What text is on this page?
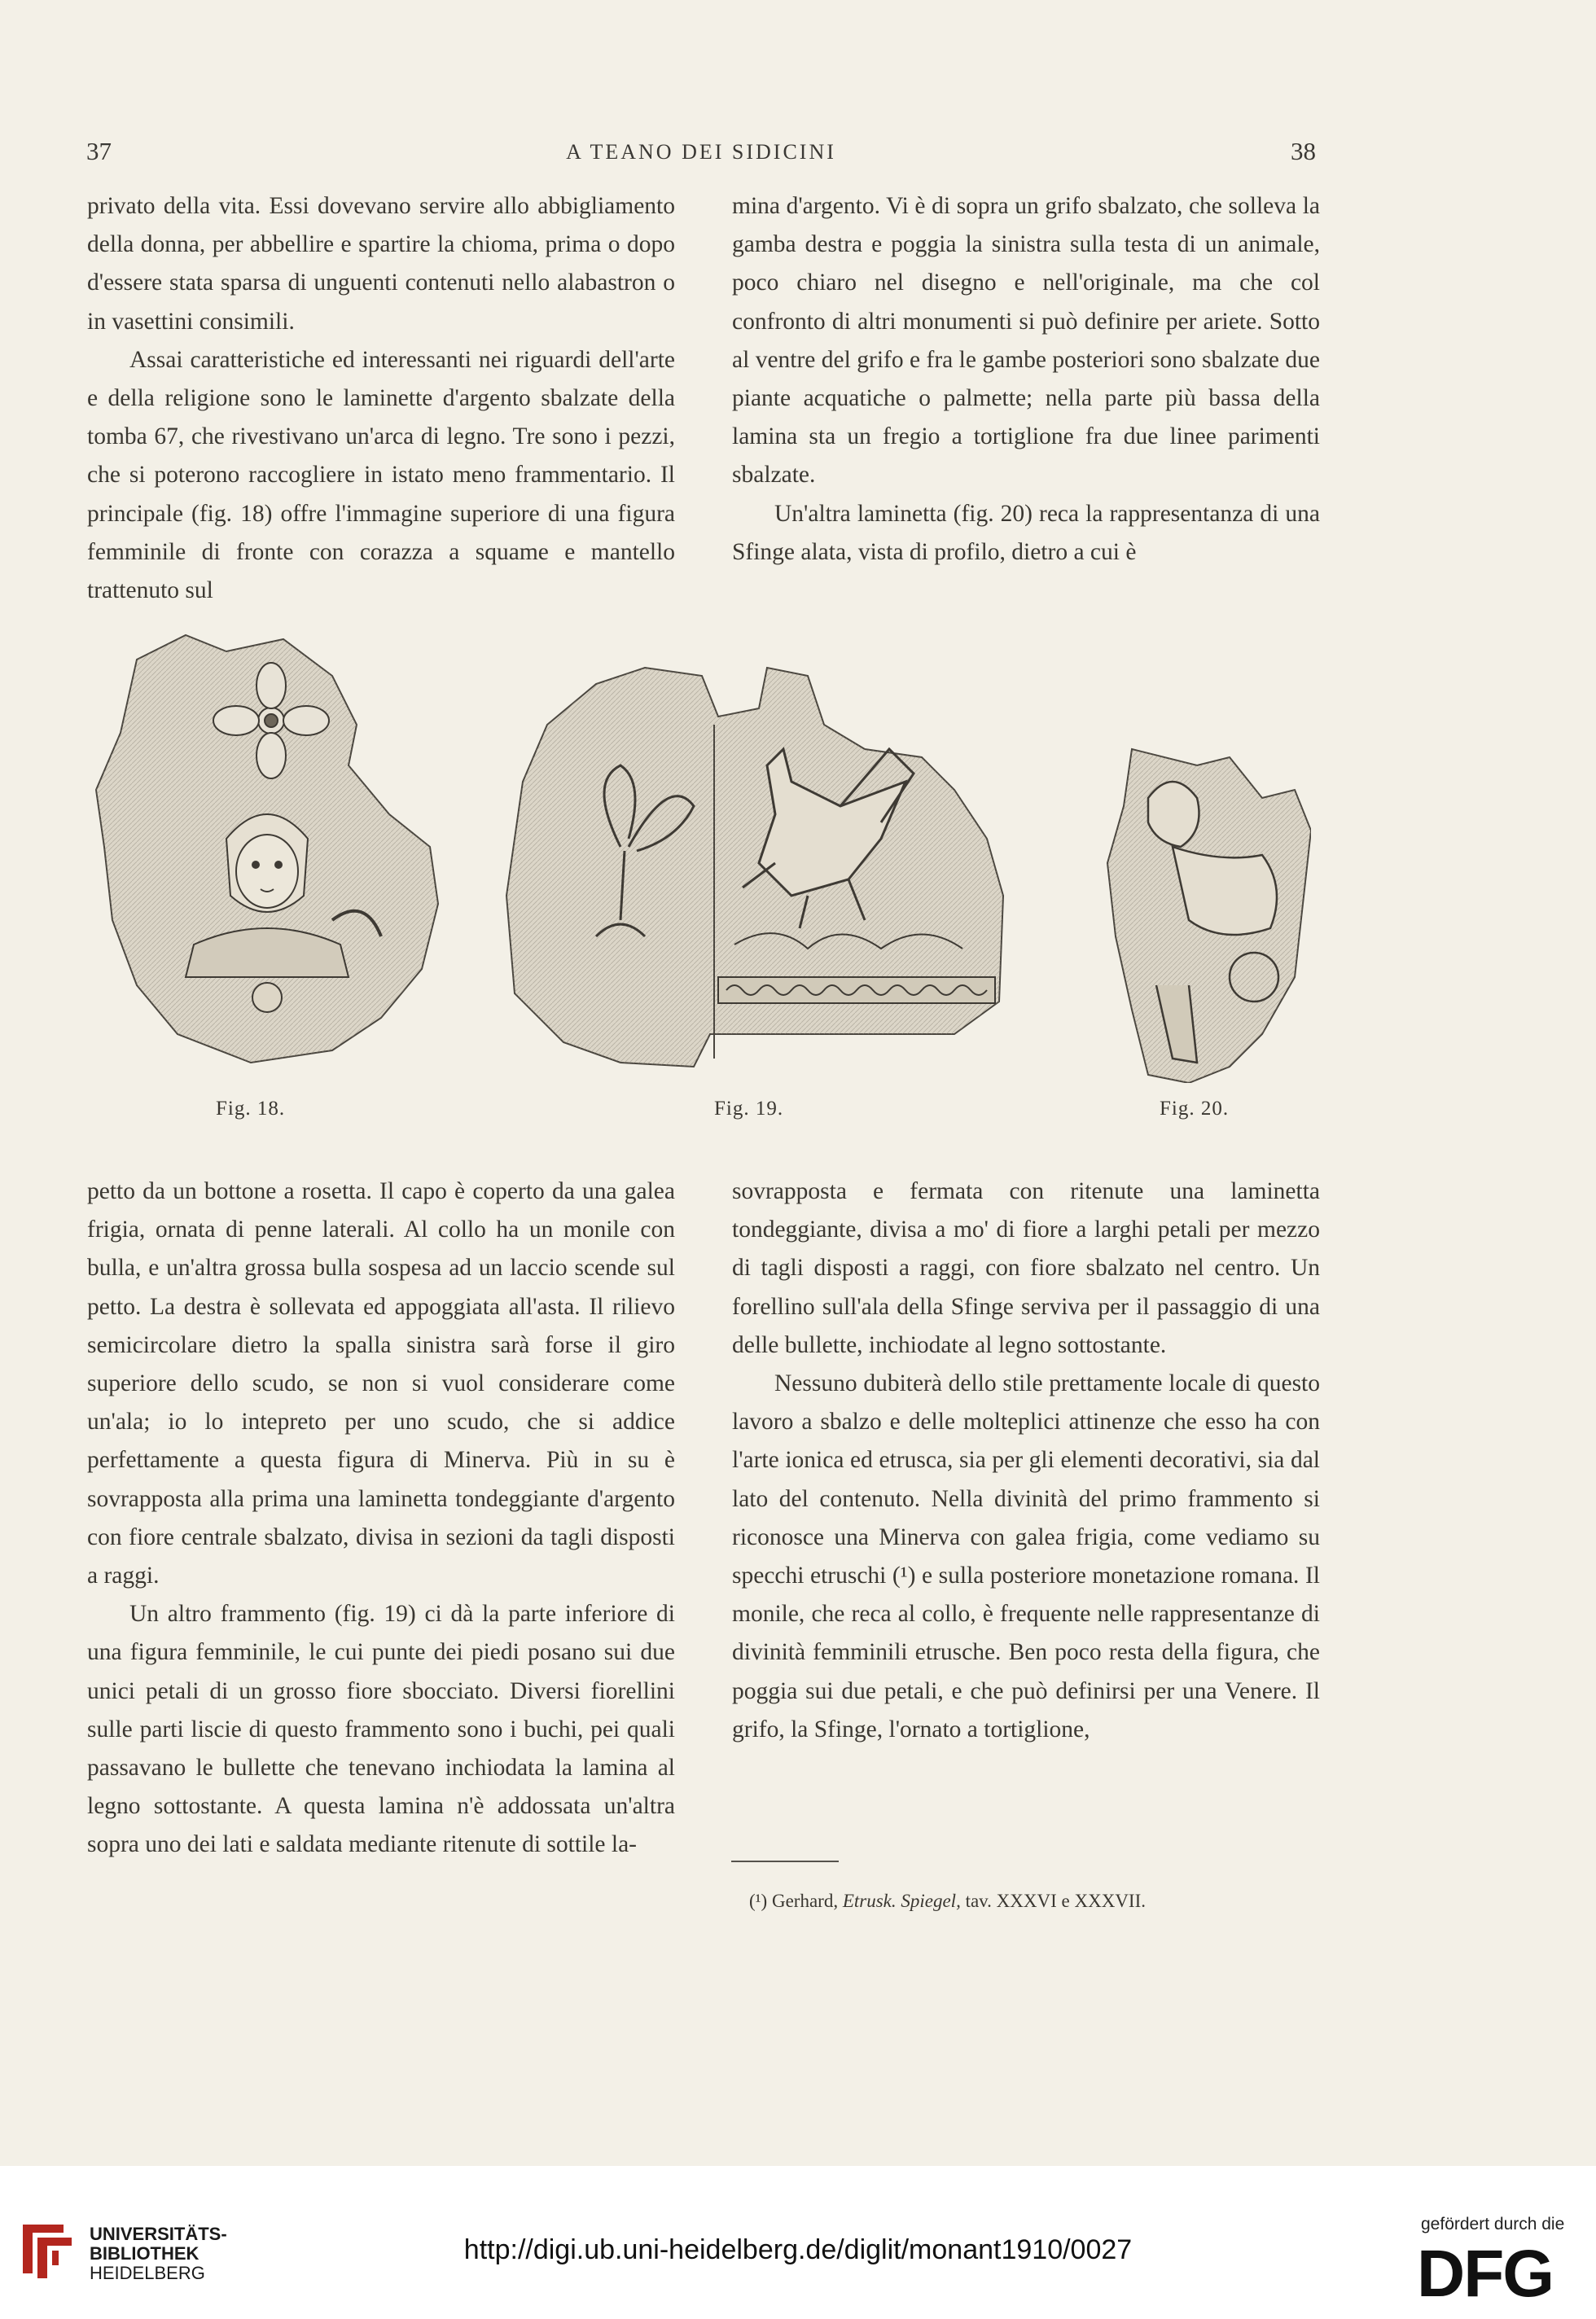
37	A TEANO DEI SIDICINI	38

privato della vita. Essi dovevano servire allo abbigliamento della donna, per abbellire e spartire la chioma, prima o dopo d'essere stata sparsa di unguenti contenuti nello alabastron o in vasettini consimili.

Assai caratteristiche ed interessanti nei riguardi dell'arte e della religione sono le laminette d'argento sbalzate della tomba 67, che rivestivano un'arca di legno. Tre sono i pezzi, che si poterono raccogliere in istato meno frammentario. Il principale (fig. 18) offre l'immagine superiore di una figura femminile di fronte con corazza a squame e mantello trattenuto sul

mina d'argento. Vi è di sopra un grifo sbalzato, che solleva la gamba destra e poggia la sinistra sulla testa di un animale, poco chiaro nel disegno e nell'originale, ma che col confronto di altri monumenti si può definire per ariete. Sotto al ventre del grifo e fra le gambe posteriori sono sbalzate due piante acquatiche o palmette; nella parte più bassa della lamina sta un fregio a tortiglione fra due linee parimenti sbalzate.

Un'altra laminetta (fig. 20) reca la rappresentanza di una Sfinge alata, vista di profilo, dietro a cui è

Fig. 18.	Fig. 19.	Fig. 20.

petto da un bottone a rosetta. Il capo è coperto da una galea frigia, ornata di penne laterali. Al collo ha un monile con bulla, e un'altra grossa bulla sospesa ad un laccio scende sul petto. La destra è sollevata ed appoggiata all'asta. Il rilievo semicircolare dietro la spalla sinistra sarà forse il giro superiore dello scudo, se non si vuol considerare come un'ala; io lo intepreto per uno scudo, che si addice perfettamente a questa figura di Minerva. Più in su è sovrapposta alla prima una laminetta tondeggiante d'argento con fiore centrale sbalzato, divisa in sezioni da tagli disposti a raggi.

Un altro frammento (fig. 19) ci dà la parte inferiore di una figura femminile, le cui punte dei piedi posano sui due unici petali di un grosso fiore sbocciato. Diversi fiorellini sulle parti liscie di questo frammento sono i buchi, pei quali passavano le bullette che tenevano inchiodata la lamina al legno sottostante. A questa lamina n'è addossata un'altra sopra uno dei lati e saldata mediante ritenute di sottile la-

sovrapposta e fermata con ritenute una laminetta tondeggiante, divisa a mo' di fiore a larghi petali per mezzo di tagli disposti a raggi, con fiore sbalzato nel centro. Un forellino sull'ala della Sfinge serviva per il passaggio di una delle bullette, inchiodate al legno sottostante.

Nessuno dubiterà dello stile prettamente locale di questo lavoro a sbalzo e delle molteplici attinenze che esso ha con l'arte ionica ed etrusca, sia per gli elementi decorativi, sia dal lato del contenuto. Nella divinità del primo frammento si riconosce una Minerva con galea frigia, come vediamo su specchi etruschi (¹) e sulla posteriore monetazione romana. Il monile, che reca al collo, è frequente nelle rappresentanze di divinità femminili etrusche. Ben poco resta della figura, che poggia sui due petali, e che può definirsi per una Venere. Il grifo, la Sfinge, l'ornato a tortiglione,

(¹) Gerhard, Etrusk. Spiegel, tav. XXXVI e XXXVII.
UNIVERSITÄTS-
BIBLIOTHEK
HEIDELBERG
http://digi.ub.uni-heidelberg.de/diglit/monant1910/0027
gefördert durch die
DFG
